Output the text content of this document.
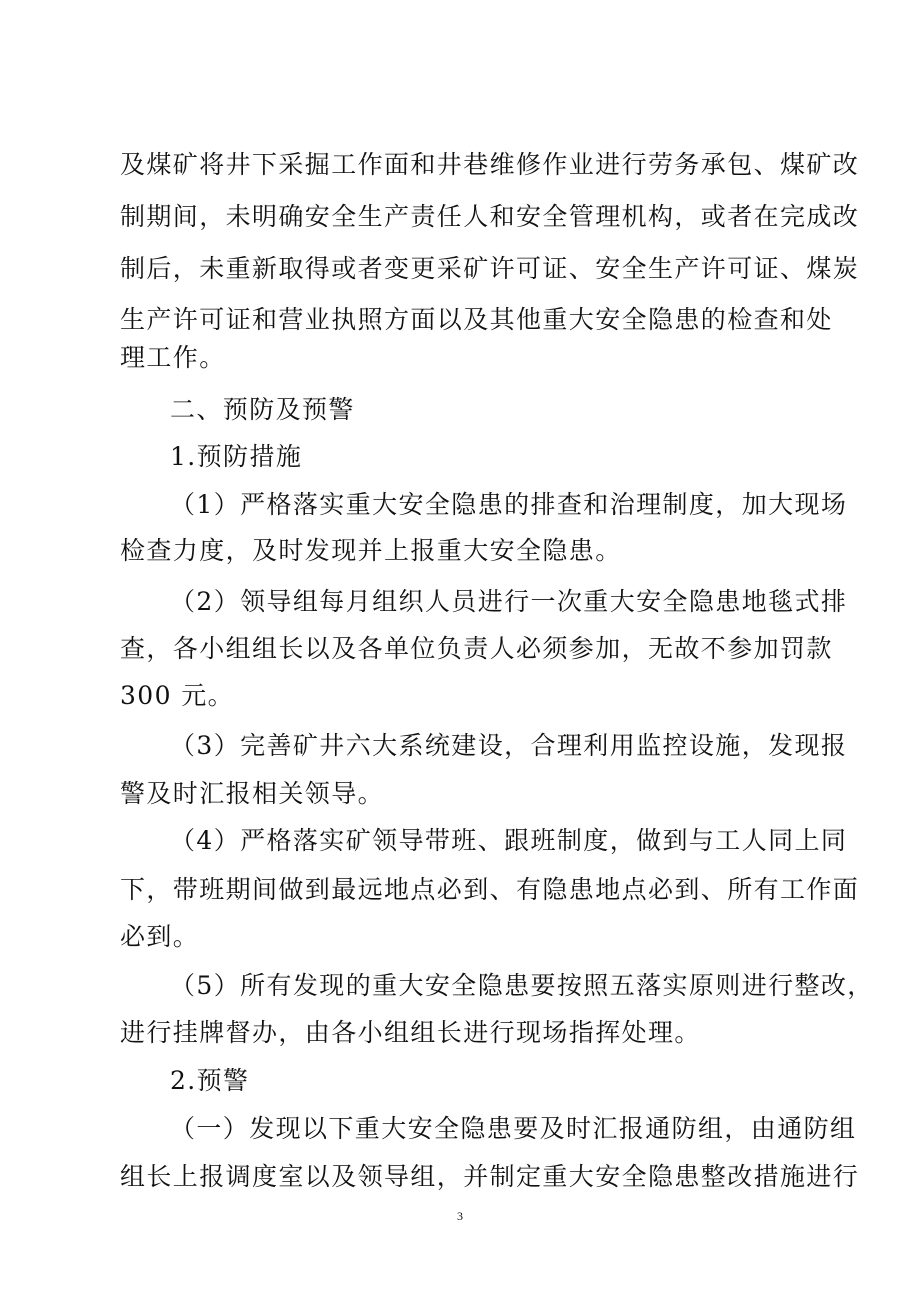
及煤矿将井下采掘工作面和井巷维修作业进行劳务承包、煤矿改
制期间，未明确安全生产责任人和安全管理机构，或者在完成改
制后，未重新取得或者变更采矿许可证、安全生产许可证、煤炭
生产许可证和营业执照方面以及其他重大安全隐患的检查和处
理工作。
二、预防及预警
1.预防措施
（1）严格落实重大安全隐患的排查和治理制度，加大现场
检查力度，及时发现并上报重大安全隐患。
（2）领导组每月组织人员进行一次重大安全隐患地毯式排
查，各小组组长以及各单位负责人必须参加，无故不参加罚款
300 元。
（3）完善矿井六大系统建设，合理利用监控设施，发现报
警及时汇报相关领导。
（4）严格落实矿领导带班、跟班制度，做到与工人同上同
下，带班期间做到最远地点必到、有隐患地点必到、所有工作面
必到。
（5）所有发现的重大安全隐患要按照五落实原则进行整改，
进行挂牌督办，由各小组组长进行现场指挥处理。
2.预警
（一）发现以下重大安全隐患要及时汇报通防组，由通防组
组长上报调度室以及领导组，并制定重大安全隐患整改措施进行
3
